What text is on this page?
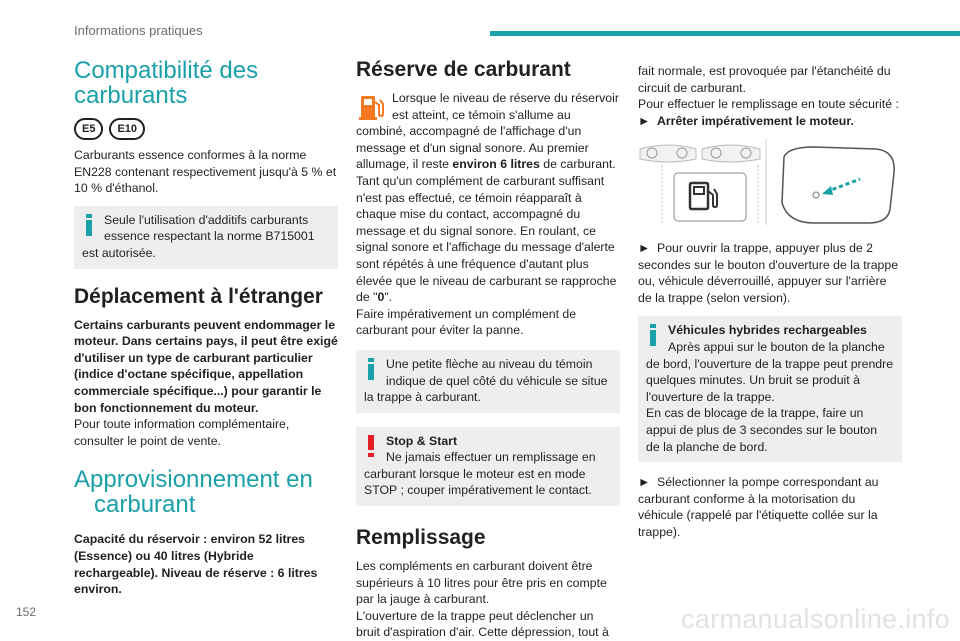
Informations pratiques
Compatibilité des
carburants
E5	E10

Carburants essence conformes à la norme EN228 contenant respectivement jusqu'à 5 % et 10 % d'éthanol.

Seule l'utilisation d'additifs carburants essence respectant la norme B715001
est autorisée.
Déplacement à l'étranger

Certains carburants peuvent endommager le moteur. Dans certains pays, il peut être exigé d'utiliser un type de carburant particulier (indice d'octane spécifique, appellation commerciale spécifique...) pour garantir le bon fonctionnement du moteur.

Pour toute information complémentaire, consulter le point de vente.

Approvisionnement en
carburant

Capacité du réservoir : environ 52 litres (Essence) ou 40 litres (Hybride rechargeable). Niveau de réserve : 6 litres environ.

Réserve de carburant

Lorsque le niveau de réserve du réservoir est atteint, ce témoin s'allume au combiné, accompagné de l'affichage d'un message et d'un signal sonore. Au premier allumage, il reste environ 6 litres de carburant. Tant qu'un complément de carburant suffisant n'est pas effectué, ce témoin réapparaît à chaque mise du contact, accompagné du message et du signal sonore. En roulant, ce signal sonore et l'affichage du message d'alerte sont répétés à une fréquence d'autant plus élevée que le niveau de carburant se rapproche de "0".

Faire impérativement un complément de carburant pour éviter la panne.

Une petite flèche au niveau du témoin indique de quel côté du véhicule se situe
la trappe à carburant.
Stop & Start
Ne jamais effectuer un remplissage en
carburant lorsque le moteur est en mode STOP ; couper impérativement le contact.
Remplissage

Les compléments en carburant doivent être supérieurs à 10 litres pour être pris en compte par la jauge à carburant.

L'ouverture de la trappe peut déclencher un bruit d'aspiration d'air. Cette dépression, tout à

fait normale, est provoquée par l'étanchéité du circuit de carburant.

Pour effectuer le remplissage en toute sécurité :

► Arrêter impérativement le moteur.

► Pour ouvrir la trappe, appuyer plus de 2 secondes sur le bouton d'ouverture de la trappe ou, véhicule déverrouillé, appuyer sur l'arrière de la trappe (selon version).

Véhicules hybrides rechargeables
Après appui sur le bouton de la planche
de bord, l'ouverture de la trappe peut prendre quelques minutes. Un bruit se produit à l'ouverture de la trappe.
En cas de blocage de la trappe, faire un appui de plus de 3 secondes sur le bouton de la planche de bord.

► Sélectionner la pompe correspondant au carburant conforme à la motorisation du véhicule (rappelé par l'étiquette collée sur la trappe).

152	carmanualsonline.info
